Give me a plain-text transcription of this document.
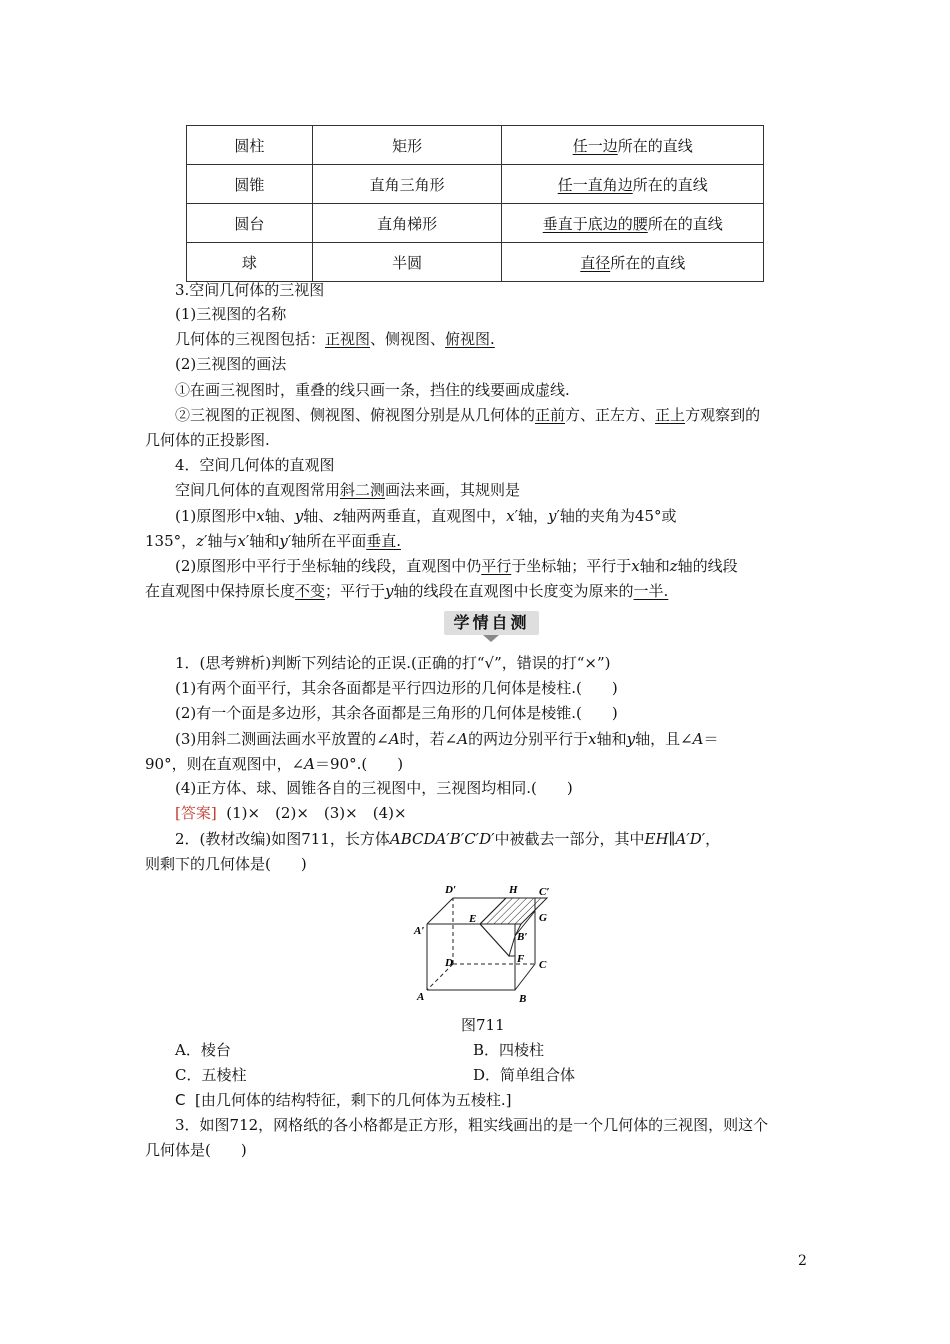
圆柱	矩形	任一边所在的直线
圆锥	直角三角形	任一直角边所在的直线
圆台	直角梯形	垂直于底边的腰所在的直线
球	半圆	直径所在的直线
3.空间几何体的三视图
(1)三视图的名称
几何体的三视图包括：正视图、侧视图、俯视图.
(2)三视图的画法
①在画三视图时，重叠的线只画一条，挡住的线要画成虚线.
②三视图的正视图、侧视图、俯视图分别是从几何体的正前方、正左方、正上方观察到的
几何体的正投影图.
4．空间几何体的直观图
空间几何体的直观图常用斜二测画法来画，其规则是
(1)原图形中x轴、y轴、z轴两两垂直，直观图中，x′轴，y′轴的夹角为45°或
135°，z′轴与x′轴和y′轴所在平面垂直.
(2)原图形中平行于坐标轴的线段，直观图中仍平行于坐标轴；平行于x轴和z轴的线段
在直观图中保持原长度不变；平行于y轴的线段在直观图中长度变为原来的一半.
学情自测
1．(思考辨析)判断下列结论的正误.(正确的打“√”，错误的打“×”)
(1)有两个面平行，其余各面都是平行四边形的几何体是棱柱.(　　)
(2)有一个面是多边形，其余各面都是三角形的几何体是棱锥.(　　)
(3)用斜二测画法画水平放置的∠A时，若∠A的两边分别平行于x轴和y轴，且∠A＝
90°，则在直观图中，∠A＝90°.(　　)
(4)正方体、球、圆锥各自的三视图中，三视图均相同.(　　)
[答案] (1)×　(2)×　(3)×　(4)×
2．(教材改编)如图711，长方体ABCDA′B′C′D′中被截去一部分，其中EH∥A′D′，
则剩下的几何体是(　　)
D′	H C′
E	G
A′	B′
D	F C
A	B
图711
A．棱台	B．四棱柱
C．五棱柱	D．简单组合体
C [由几何体的结构特征，剩下的几何体为五棱柱.]
3．如图712，网格纸的各小格都是正方形，粗实线画出的是一个几何体的三视图，则这个
几何体是(　　)
2
